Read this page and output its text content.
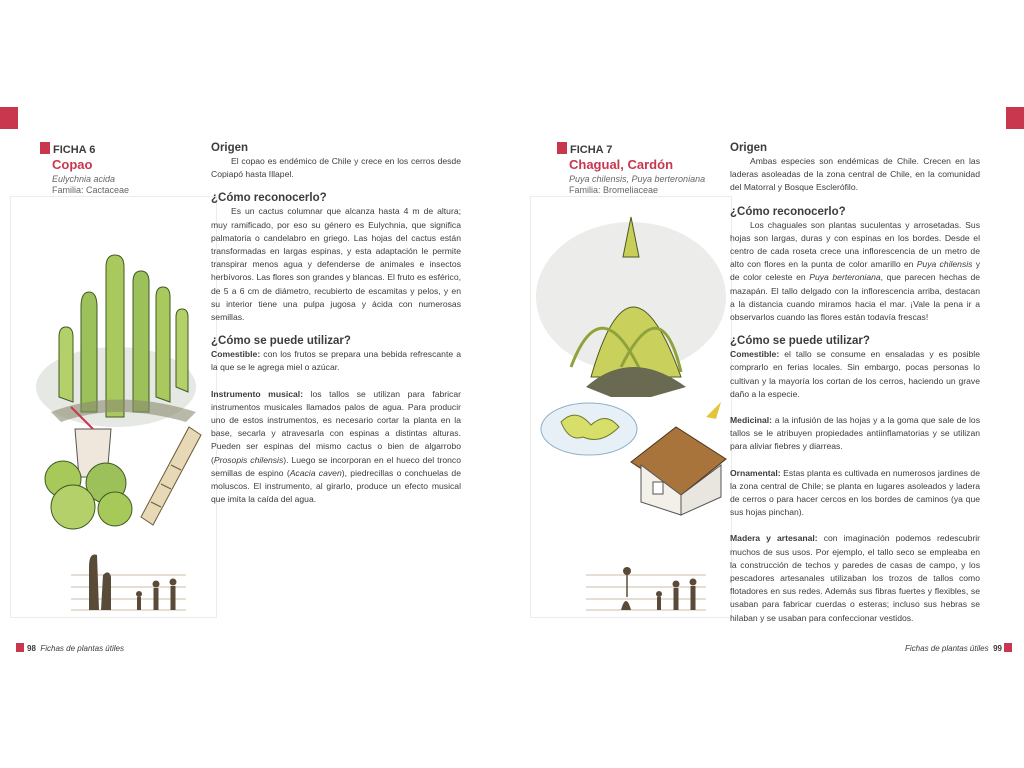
FICHA 6
Copao
Eulychnia acida
Familia: Cactaceae
Origen

El copao es endémico de Chile y crece en los cerros desde Copiapó hasta Illapel.

¿Cómo reconocerlo?

Es un cactus columnar que alcanza hasta 4 m de altura; muy ramificado, por eso su género es Eulychnia, que significa palmatoria o candelabro en griego. Las hojas del cactus están transformadas en largas espinas, y esta adaptación le permite transpirar menos agua y defenderse de animales e insectos herbívoros. Las flores son grandes y blancas. El fruto es esférico, de 5 a 6 cm de diámetro, recubierto de escamitas y pelos, y en su interior tiene una pulpa jugosa y ácida con numerosas semillas.

¿Cómo se puede utilizar?

Comestible: con los frutos se prepara una bebida refrescante a la que se le agrega miel o azúcar.

Instrumento musical: los tallos se utilizan para fabricar instrumentos musicales llamados palos de agua. Para producir uno de estos instrumentos, es necesario cortar la planta en la base, secarla y atravesarla con espinas a distintas alturas. Pueden ser espinas del mismo cactus o bien de algarrobo (Prosopis chilensis). Luego se incorporan en el hueco del tronco semillas de espino (Acacia caven), piedrecillas o conchuelas de moluscos. El instrumento, al girarlo, produce un efecto musical que imita la caída del agua.

98 Fichas de plantas útiles
FICHA 7
Chagual, Cardón
Puya chilensis, Puya berteroniana
Familia: Bromeliaceae
Origen

Ambas especies son endémicas de Chile. Crecen en las laderas asoleadas de la zona central de Chile, en la comunidad del Matorral y Bosque Esclerófilo.

¿Cómo reconocerlo?

Los chaguales son plantas suculentas y arrosetadas. Sus hojas son largas, duras y con espinas en los bordes. Desde el centro de cada roseta crece una inflorescencia de un metro de alto con flores en la punta de color amarillo en Puya chilensis y de color celeste en Puya berteroniana, que parecen hechas de mazapán. El tallo delgado con la inflorescencia arriba, destacan a la distancia cuando miramos hacia el mar. ¡Vale la pena ir a observarlos cuando las flores están todavía frescas!

¿Cómo se puede utilizar?

Comestible: el tallo se consume en ensaladas y es posible comprarlo en ferias locales. Sin embargo, pocas personas lo cultivan y la mayoría los cortan de los cerros, haciendo un grave daño a la especie.

Medicinal: a la infusión de las hojas y a la goma que sale de los tallos se le atribuyen propiedades antiinflamatorias y se utilizan para aliviar fiebres y diarreas.

Ornamental: Estas planta es cultivada en numerosos jardines de la zona central de Chile; se planta en lugares asoleados y ladera de cerros o para hacer cercos en los bordes de caminos (ya que sus hojas pinchan).

Madera y artesanal: con imaginación podemos redescubrir muchos de sus usos. Por ejemplo, el tallo seco se empleaba en la construcción de techos y paredes de casas de campo, y los pescadores artesanales utilizaban los trozos de tallos como flotadores en sus redes. Además sus fibras fuertes y flexibles, se usaban para fabricar cuerdas o esteras; incluso sus hebras se hilaban y se usaban para confeccionar vestidos.

Fichas de plantas útiles 99
